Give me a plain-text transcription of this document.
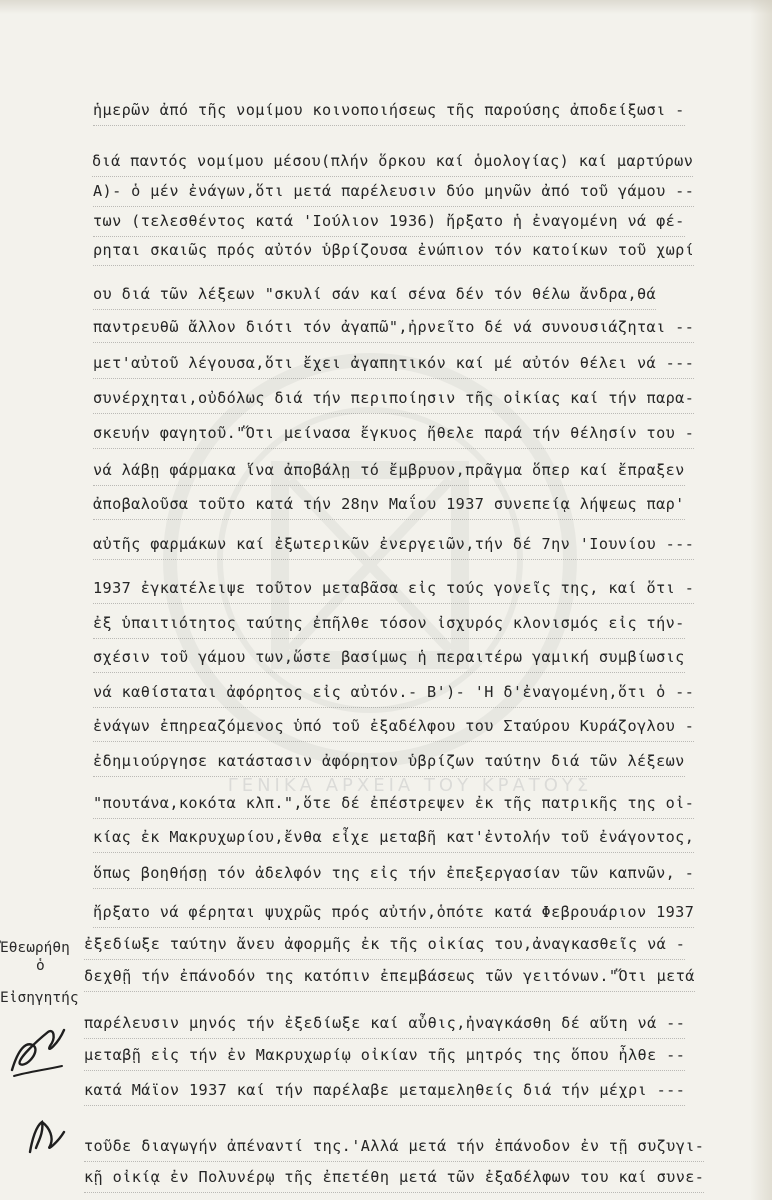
ΓΕΝΙΚΑ ΑΡΧΕΙΑ ΤΟΥ ΚΡΑΤΟΥΣ
ἡμερῶν ἀπό τῆς νομίμου κοινοποιήσεως τῆς παρούσης ἀποδείξωσι -
διά παντός νομίμου μέσου(πλήν ὅρκου καί ὁμολογίας) καί μαρτύρων
Α)- ὁ μέν ἐνάγων,ὅτι μετά παρέλευσιν δύο μηνῶν ἀπό τοῦ γάμου --
των (τελεσθέντος κατά 'Ιούλιον 1936) ἤρξατο ἡ ἐναγομένη νά φέ-
ρηται σκαιῶς πρός αὐτόν ὑβρίζουσα ἐνώπιον τόν κατοίκων τοῦ χωρί
ου διά τῶν λέξεων "σκυλί σάν καί σένα δέν τόν θέλω ἄνδρα,θά
παντρευθῶ ἄλλον διότι τόν ἀγαπῶ",ἠρνεῖτο δέ νά συνουσιάζηται --
μετ'αὐτοῦ λέγουσα,ὅτι ἔχει ἀγαπητικόν καί μέ αὐτόν θέλει νά ---
συνέρχηται,οὐδόλως διά τήν περιποίησιν τῆς οἰκίας καί τήν παρα-
σκευήν φαγητοῦ."Ὅτι μείνασα ἔγκυος ἤθελε παρά τήν θέλησίν του -
νά λάβῃ φάρμακα ἵνα ἀποβάλῃ τό ἔμβρυον,πρᾶγμα ὅπερ καί ἔπραξεν
ἀποβαλοῦσα τοῦτο κατά τήν 28ην Μαΐου 1937 συνεπείᾳ λήψεως παρ'
αὐτῆς φαρμάκων καί ἐξωτερικῶν ἐνεργειῶν,τήν δέ 7ην 'Ιουνίου ---
1937 ἐγκατέλειψε τοῦτον μεταβᾶσα εἰς τούς γονεῖς της, καί ὅτι -
ἐξ ὑπαιτιότητος ταύτης ἐπῆλθε τόσον ἰσχυρός κλονισμός εἰς τήν-
σχέσιν τοῦ γάμου των,ὥστε βασίμως ἡ περαιτέρω γαμική συμβίωσις
νά καθίσταται ἀφόρητος εἰς αὐτόν.- Β')- 'Η δ'ἐναγομένη,ὅτι ὁ --
ἐνάγων ἐπηρεαζόμενος ὑπό τοῦ ἐξαδέλφου του Σταύρου Κυράζογλου -
ἐδημιούργησε κατάστασιν ἀφόρητον ὑβρίζων ταύτην διά τῶν λέξεων
"πουτάνα,κοκότα κλπ.",ὅτε δέ ἐπέστρεψεν ἐκ τῆς πατρικῆς της οἰ-
κίας ἐκ Μακρυχωρίου,ἔνθα εἶχε μεταβῆ κατ'ἐντολήν τοῦ ἐνάγοντος,
ὅπως βοηθήσῃ τόν ἀδελφόν της εἰς τήν ἐπεξεργασίαν τῶν καπνῶν, -
ἤρξατο νά φέρηται ψυχρῶς πρός αὐτήν,ὁπότε κατά Φεβρουάριον 1937
ἐξεδίωξε ταύτην ἄνευ ἀφορμῆς ἐκ τῆς οἰκίας του,ἀναγκασθεῖς νά -
δεχθῇ τήν ἐπάνοδόν της κατόπιν ἐπεμβάσεως τῶν γειτόνων."Ὅτι μετά
παρέλευσιν μηνός τήν ἐξεδίωξε καί αὖθις,ἠναγκάσθη δέ αὕτη νά --
μεταβῇ εἰς τήν ἐν Μακρυχωρίῳ οἰκίαν τῆς μητρός της ὅπου ἦλθε --
κατά Μάϊον 1937 καί τήν παρέλαβε μεταμεληθείς διά τήν μέχρι ---
τοῦδε διαγωγήν ἀπέναντί της.'Αλλά μετά τήν ἐπάνοδον ἐν τῇ συζυγι-
κῇ οἰκίᾳ ἐν Πολυνέρῳ τῆς ἐπετέθη μετά τῶν ἐξαδέλφων του καί συνε-
Ἐθεωρήθη
ὁ
Εἰσηγητής
